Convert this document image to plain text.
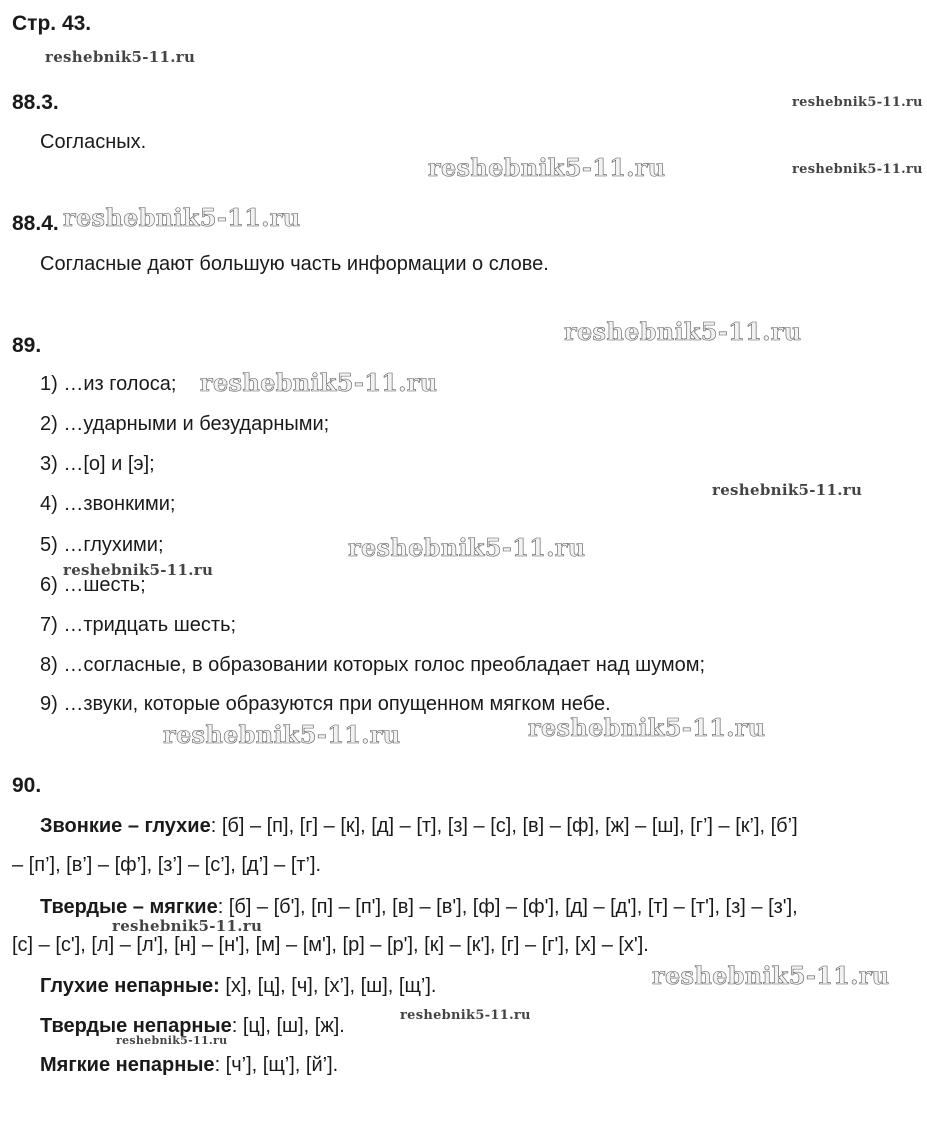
Стр. 43.
88.3.
Согласных.
88.4.
Согласные дают большую часть информации о слове.
89.
1) …из голоса;
2) …ударными и безударными;
3) …[о] и [э];
4) …звонкими;
5) …глухими;
6) …шесть;
7) …тридцать шесть;
8) …согласные, в образовании которых голос преобладает над шумом;
9) …звуки, которые образуются при опущенном мягком небе.
90.
Звонкие – глухие: [б] – [п], [г] – [к], [д] – [т], [з] – [с], [в] – [ф], [ж] – [ш], [г’] – [к’], [б’]
– [п’], [в’] – [ф’], [з’] – [с’], [д’] – [т’].
Твердые – мягкие: [б] – [б'], [п] – [п'], [в] – [в'], [ф] – [ф'], [д] – [д'], [т] – [т'], [з] – [з'],
[с] – [с'], [л] – [л'], [н] – [н'], [м] – [м'], [р] – [р'], [к] – [к'], [г] – [г'], [х] – [х'].
Глухие непарные: [х], [ц], [ч], [х’], [ш], [щ’].
Твердые непарные: [ц], [ш], [ж].
Мягкие непарные: [ч’], [щ’], [й’].
reshebnik5-11.ru
reshebnik5-11.ru
reshebnik5-11.ru	reshebnik5-11.ru
reshebnik5-11.ru
reshebnik5-11.ru
reshebnik5-11.ru
reshebnik5-11.ru
reshebnik5-11.ru
reshebnik5-11.ru
reshebnik5-11.ru
reshebnik5-11.ru
reshebnik5-11.ru
reshebnik5-11.ru
reshebnik5-11.ru
reshebnik5-11.ru
